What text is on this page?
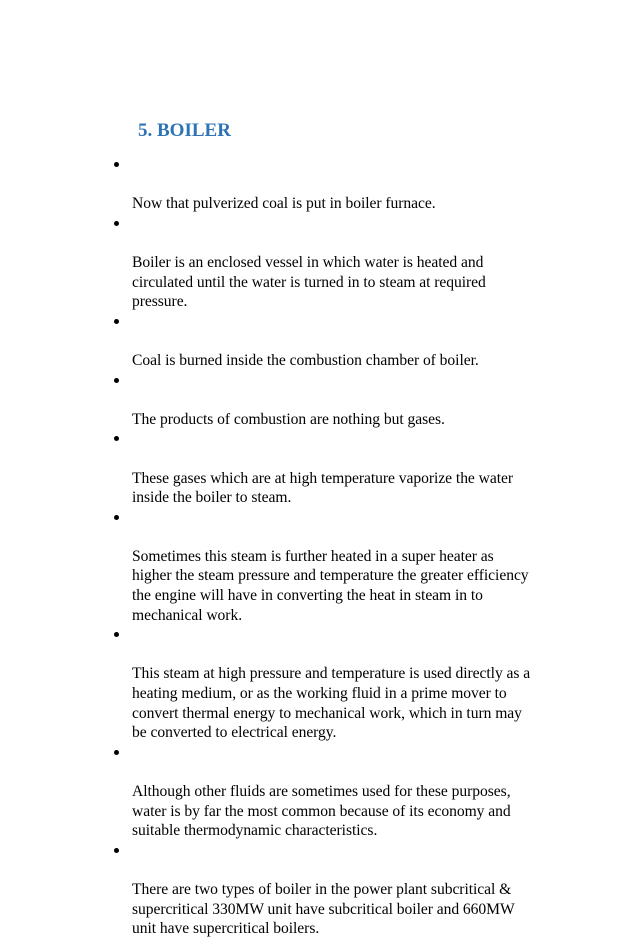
5. BOILER

Now that pulverized coal is put in boiler furnace.

Boiler is an enclosed vessel in which water is heated and
circulated until the water is turned in to steam at required
pressure.

Coal is burned inside the combustion chamber of boiler.

The products of combustion are nothing but gases.

These gases which are at high temperature vaporize the water
inside the boiler to steam.

Sometimes this steam is further heated in a super heater as
higher the steam pressure and temperature the greater efficiency
the engine will have in converting the heat in steam in to
mechanical work.

This steam at high pressure and temperature is used directly as a
heating medium, or as the working fluid in a prime mover to
convert thermal energy to mechanical work, which in turn may
be converted to electrical energy.

Although other fluids are sometimes used for these purposes,
water is by far the most common because of its economy and
suitable thermodynamic characteristics.

There are two types of boiler in the power plant subcritical &
supercritical 330MW unit have subcritical boiler and 660MW
unit have supercritical boilers.
